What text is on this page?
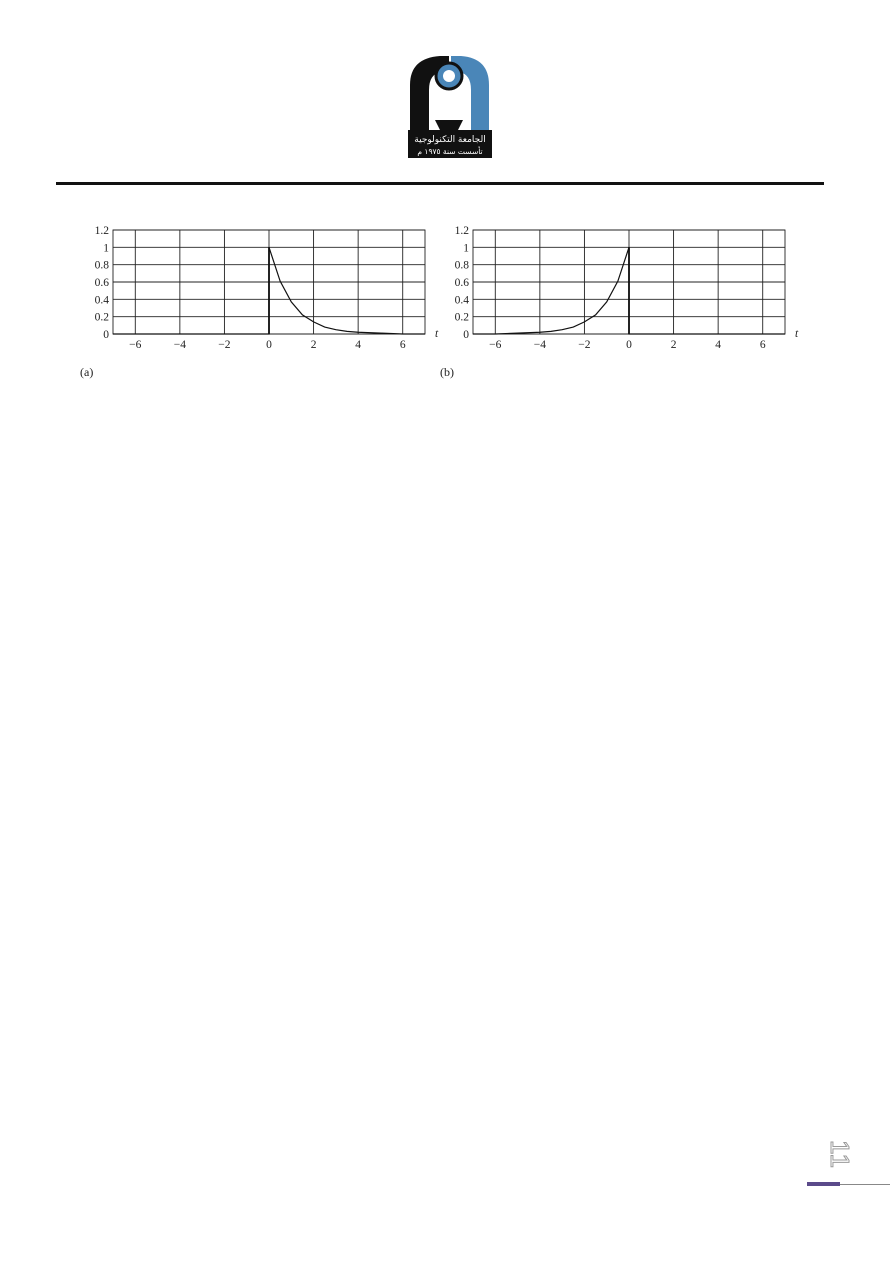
الجامعة التكنولوجية
تأسست سنة ١٩٧٥ م
−6	−4	−2	0	2	4	6
0
0.2
0.4
0.6
0.8
1
1.2
t
(a)
−6	−4	−2	0	2	4	6
0
0.2
0.4
0.6
0.8
1
1.2
t
(b)
11
